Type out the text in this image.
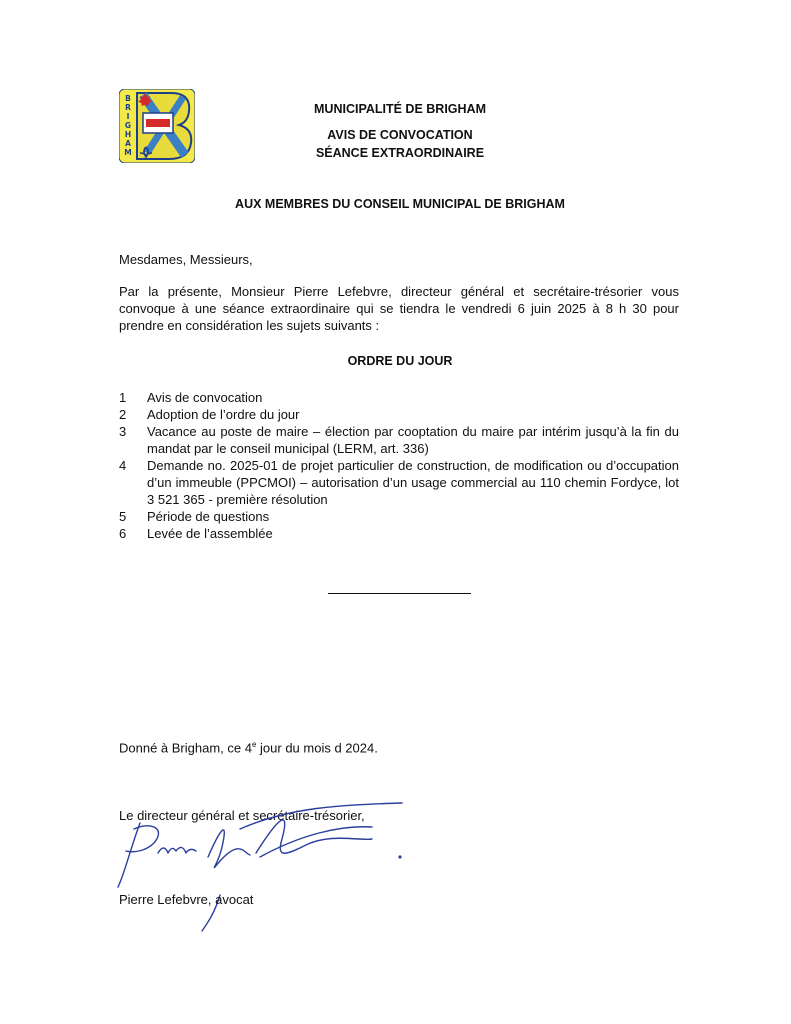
B
R
I
G
H
A
M
MUNICIPALITÉ DE BRIGHAM
AVIS DE CONVOCATION
SÉANCE EXTRAORDINAIRE
AUX MEMBRES DU CONSEIL MUNICIPAL DE BRIGHAM
Mesdames, Messieurs,
Par la présente, Monsieur Pierre Lefebvre, directeur général et secrétaire-trésorier vous convoque à une séance extraordinaire qui se tiendra le vendredi 6 juin 2025 à 8 h 30 pour prendre en considération les sujets suivants :
ORDRE DU JOUR
1	Avis de convocation
2	Adoption de l’ordre du jour
3	Vacance au poste de maire – élection par cooptation du maire par intérim jusqu’à la fin du mandat par le conseil municipal (LERM, art. 336)
4	Demande no. 2025-01 de projet particulier de construction, de modification ou d’occupation d’un immeuble (PPCMOI) – autorisation d’un usage commercial au 110 chemin Fordyce, lot 3 521 365 - première résolution
5	Période de questions
6	Levée de l’assemblée
Donné à Brigham, ce 4e jour du mois d 2024.
Le directeur général et secrétaire-trésorier,
Pierre Lefebvre, avocat
